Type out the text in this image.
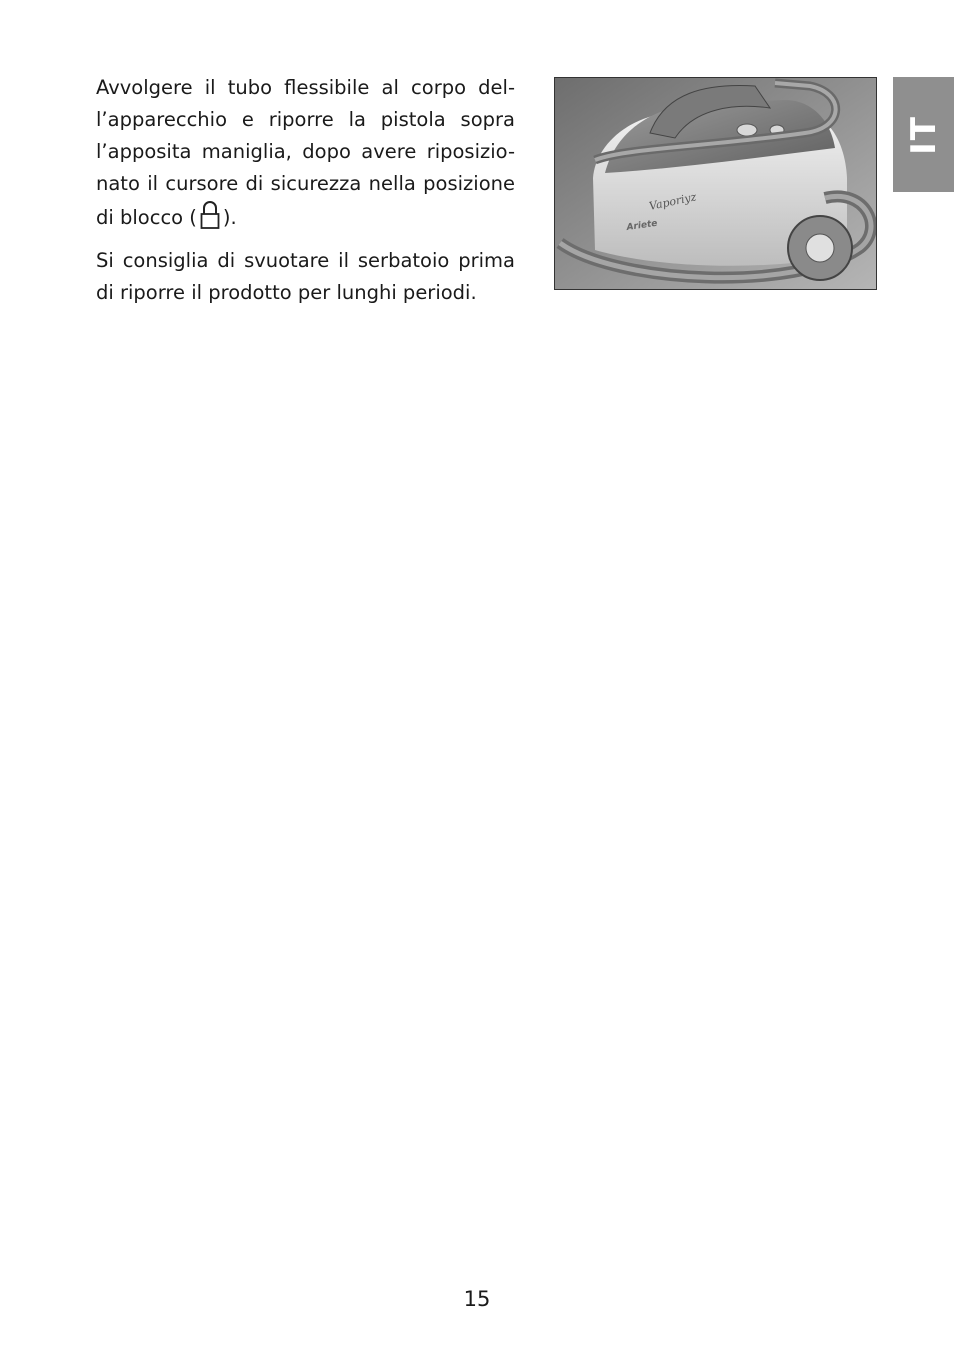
Avvolgere il tubo flessibile al corpo del-l’apparecchio e riporre la pistola sopra l’apposita maniglia, dopo avere riposizio-nato il cursore di sicurezza nella posizione di blocco ( ).

Si consiglia di svuotare il serbatoio prima di riporre il prodotto per lunghi periodi.

Vaporiyz
Ariete
IT
15
